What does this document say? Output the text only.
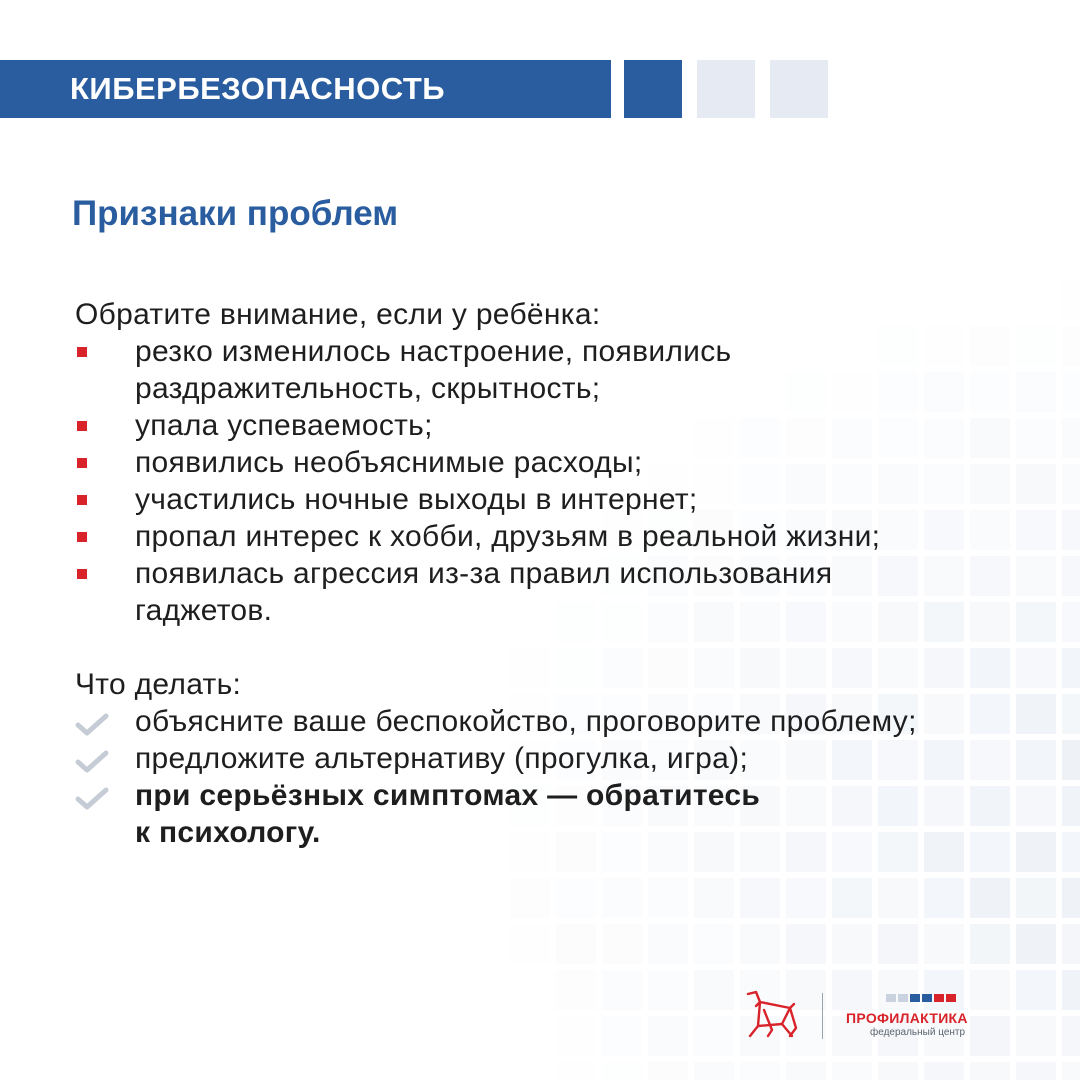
КИБЕРБЕЗОПАСНОСТЬ
Признаки проблем

Обратите внимание, если у ребёнка:

резко изменилось настроение, появились раздражительность, скрытность;
упала успеваемость;
появились необъяснимые расходы;
участились ночные выходы в интернет;
пропал интерес к хобби, друзьям в реальной жизни;
появилась агрессия из-за правил использования гаджетов.

Что делать:

объясните ваше беспокойство, проговорите проблему;
предложите альтернативу (прогулка, игра);
при серьёзных симптомах — обратитесь
к психологу.
ПРОФИЛАКТИКА
федеральный центр
